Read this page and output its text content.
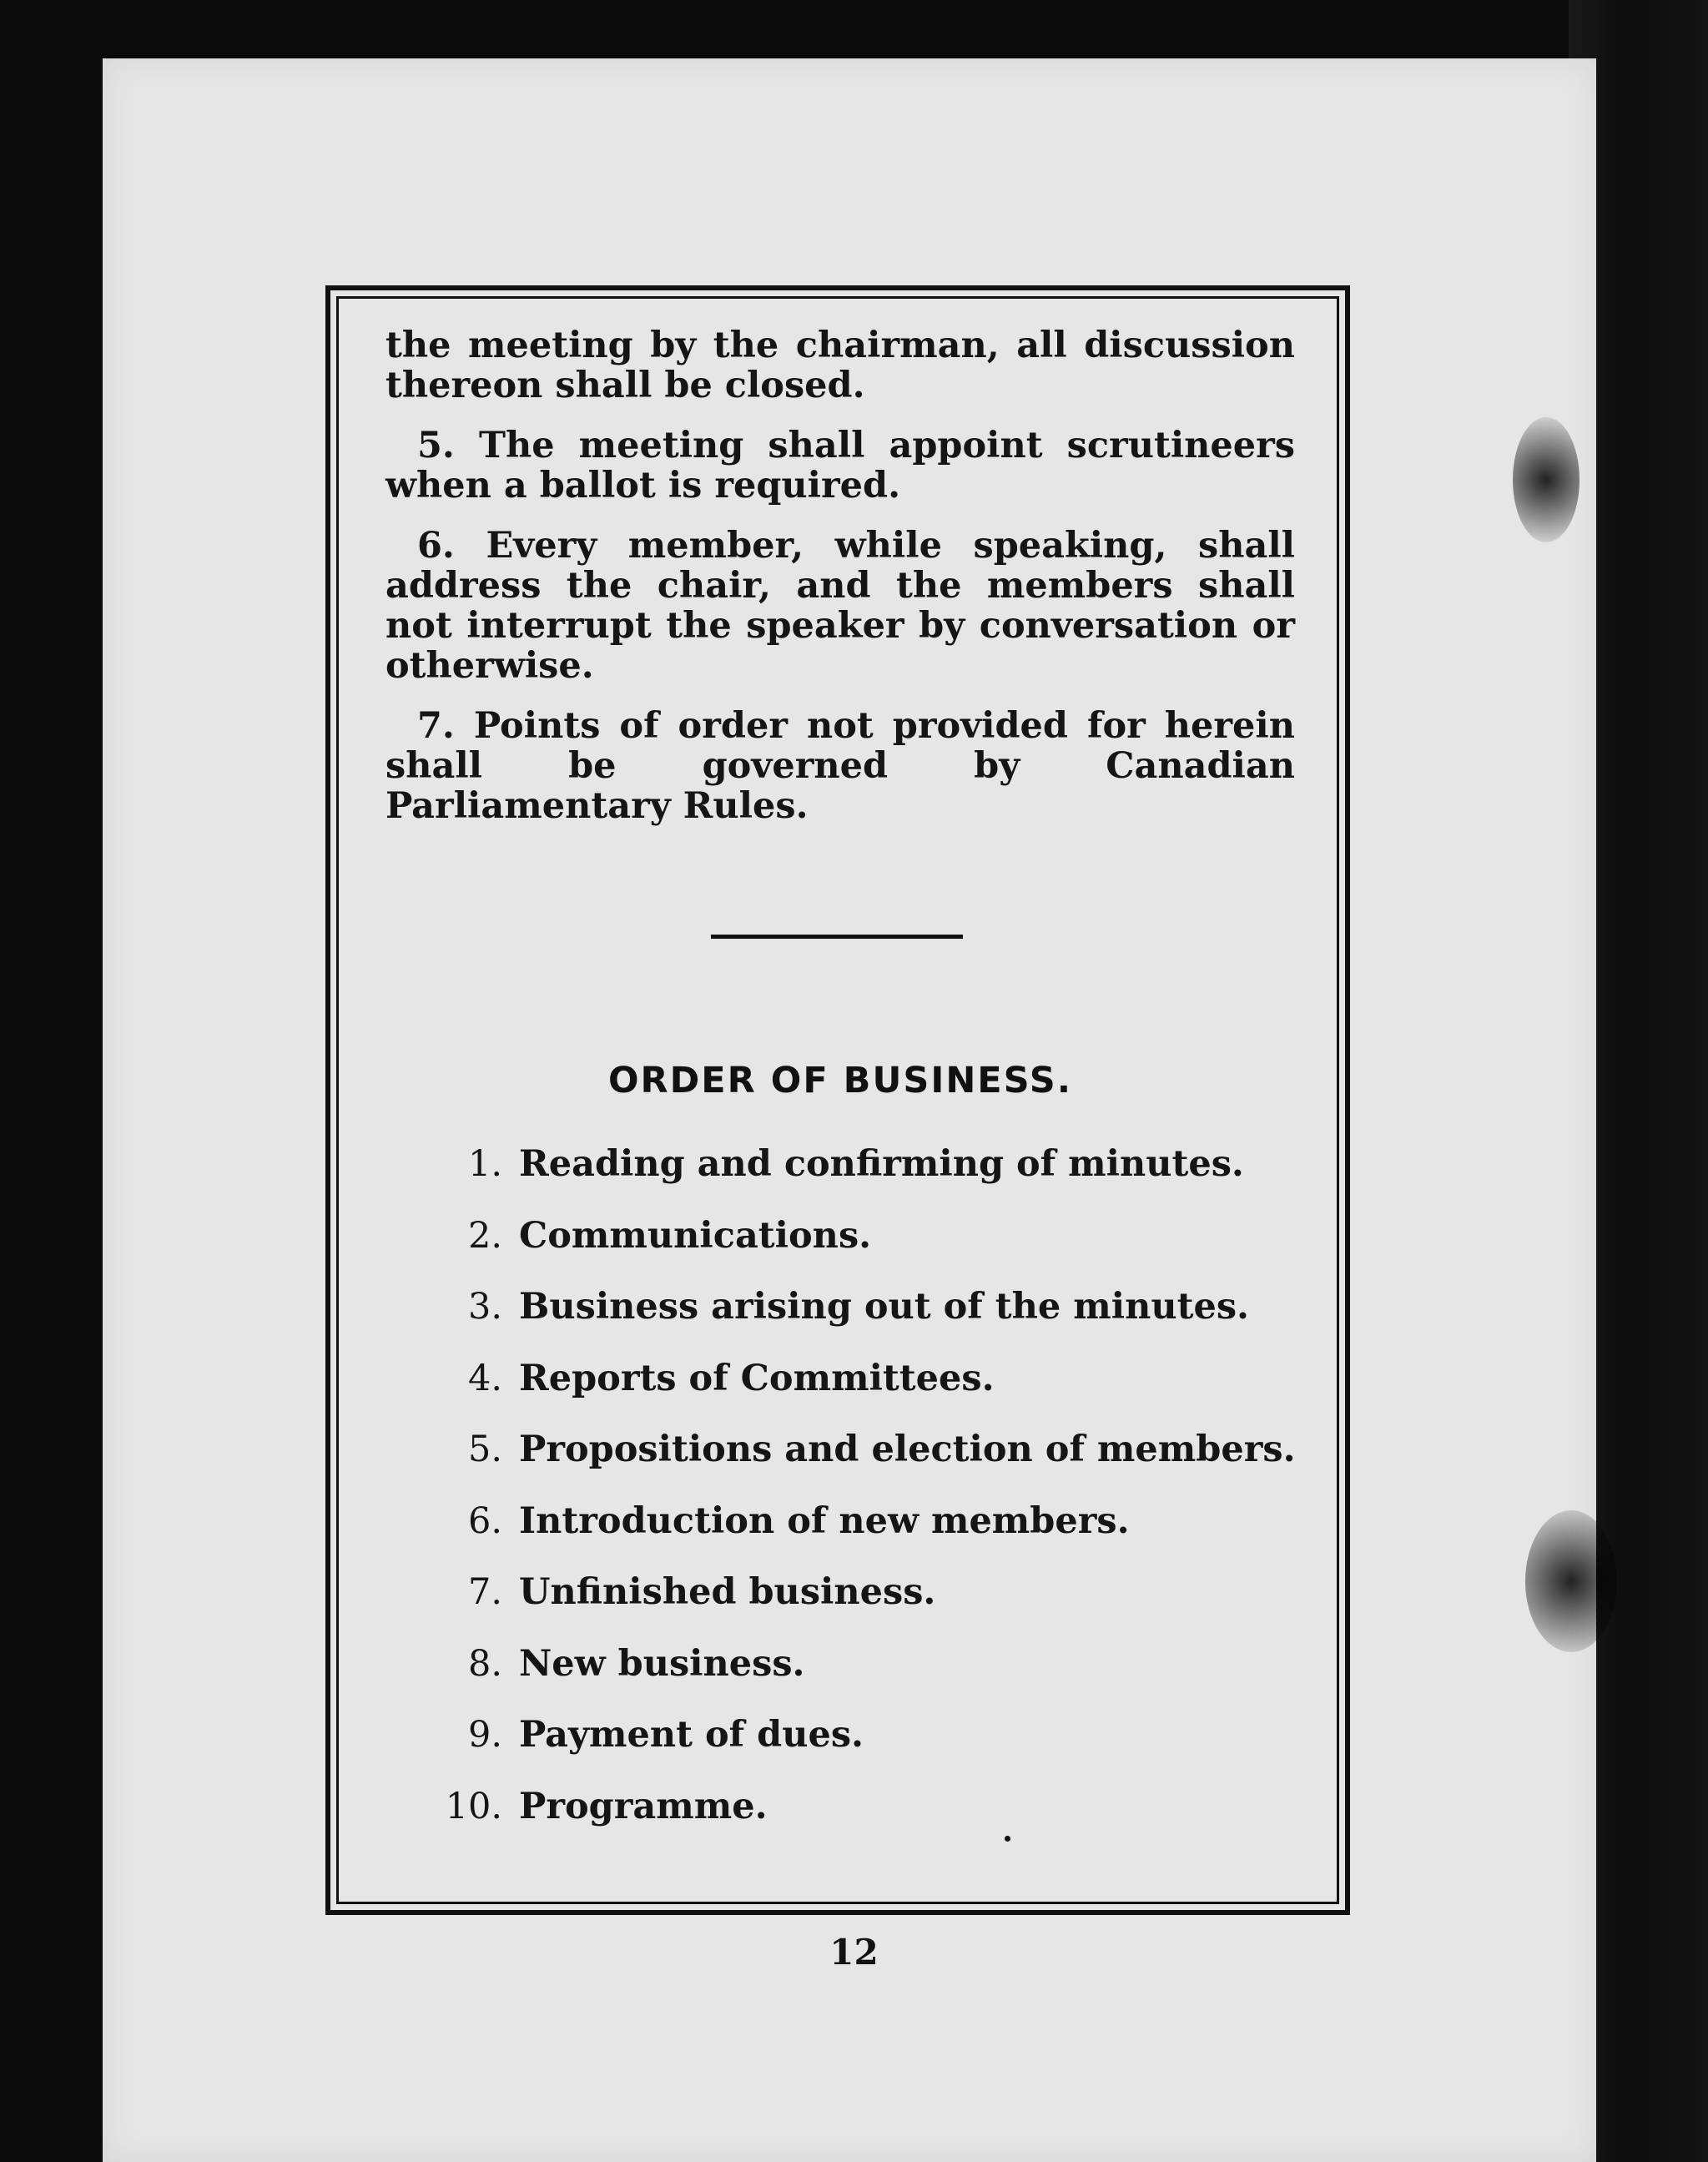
the meeting by the chairman, all discussion thereon shall be closed.

5. The meeting shall appoint scrutineers when a ballot is required.

6. Every member, while speaking, shall address the chair, and the members shall not interrupt the speaker by conversation or otherwise.

7. Points of order not provided for herein shall be governed by Canadian Parliamentary Rules.

ORDER OF BUSINESS.
1. Reading and confirming of minutes.
2. Communications.
3. Business arising out of the minutes.
4. Reports of Committees.
5. Propositions and election of members.
6. Introduction of new members.
7. Unfinished business.
8. New business.
9. Payment of dues.
10. Programme.
12
